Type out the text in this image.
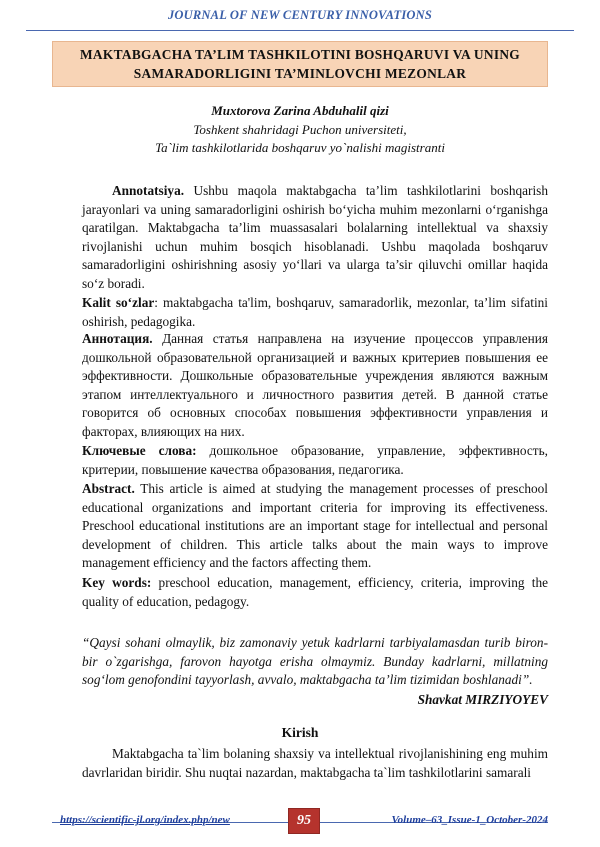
JOURNAL OF NEW CENTURY INNOVATIONS
MAKTABGACHA TA’LIM TASHKILOTINI BOSHQARUVI VA UNING
SAMARADORLIGINI TA’MINLOVCHI MEZONLAR
Muxtorova Zarina Abduhalil qizi
Toshkent shahridagi Puchon universiteti,
Ta`lim tashkilotlarida boshqaruv yo`nalishi magistranti

Annotatsiya. Ushbu maqola maktabgacha ta’lim tashkilotlarini boshqarish jarayonlari va uning samaradorligini oshirish bo‘yicha muhim mezonlarni o‘rganishga qaratilgan. Maktabgacha ta’lim muassasalari bolalarning intellektual va shaxsiy rivojlanishi uchun muhim bosqich hisoblanadi. Ushbu maqolada boshqaruv samaradorligini oshirishning asosiy yo‘llari va ularga ta’sir qiluvchi omillar haqida so‘z boradi.

Kalit so‘zlar: maktabgacha ta'lim, boshqaruv, samaradorlik, mezonlar, ta’lim sifatini oshirish, pedagogika.

Аннотация. Данная статья направлена на изучение процессов управления дошкольной образовательной организацией и важных критериев повышения ее эффективности. Дошкольные образовательные учреждения являются важным этапом интеллектуального и личностного развития детей. В данной статье говорится об основных способах повышения эффективности управления и факторах, влияющих на них.

Ключевые слова: дошкольное образование, управление, эффективность, критерии, повышение качества образования, педагогика.

Abstract. This article is aimed at studying the management processes of preschool educational organizations and important criteria for improving its effectiveness. Preschool educational institutions are an important stage for intellectual and personal development of children. This article talks about the main ways to improve management efficiency and the factors affecting them.

Key words: preschool education, management, efficiency, criteria, improving the quality of education, pedagogy.

“Qaysi sohani olmaylik, biz zamonaviy yetuk kadrlarni tarbiyalamasdan turib biron-bir o`zgarishga, farovon hayotga erisha olmaymiz. Bunday kadrlarni, millatning sog‘lom genofondini tayyorlash, avvalo, maktabgacha ta’lim tizimidan boshlanadi”.
Shavkat MIRZIYOYEV
Kirish
Maktabgacha ta`lim bolaning shaxsiy va intellektual rivojlanishining eng muhim davrlaridan biridir. Shu nuqtai nazardan, maktabgacha ta`lim tashkilotlarini samarali
https://scientific-jl.org/index.php/new	95	Volume–63_Issue-1_October-2024
